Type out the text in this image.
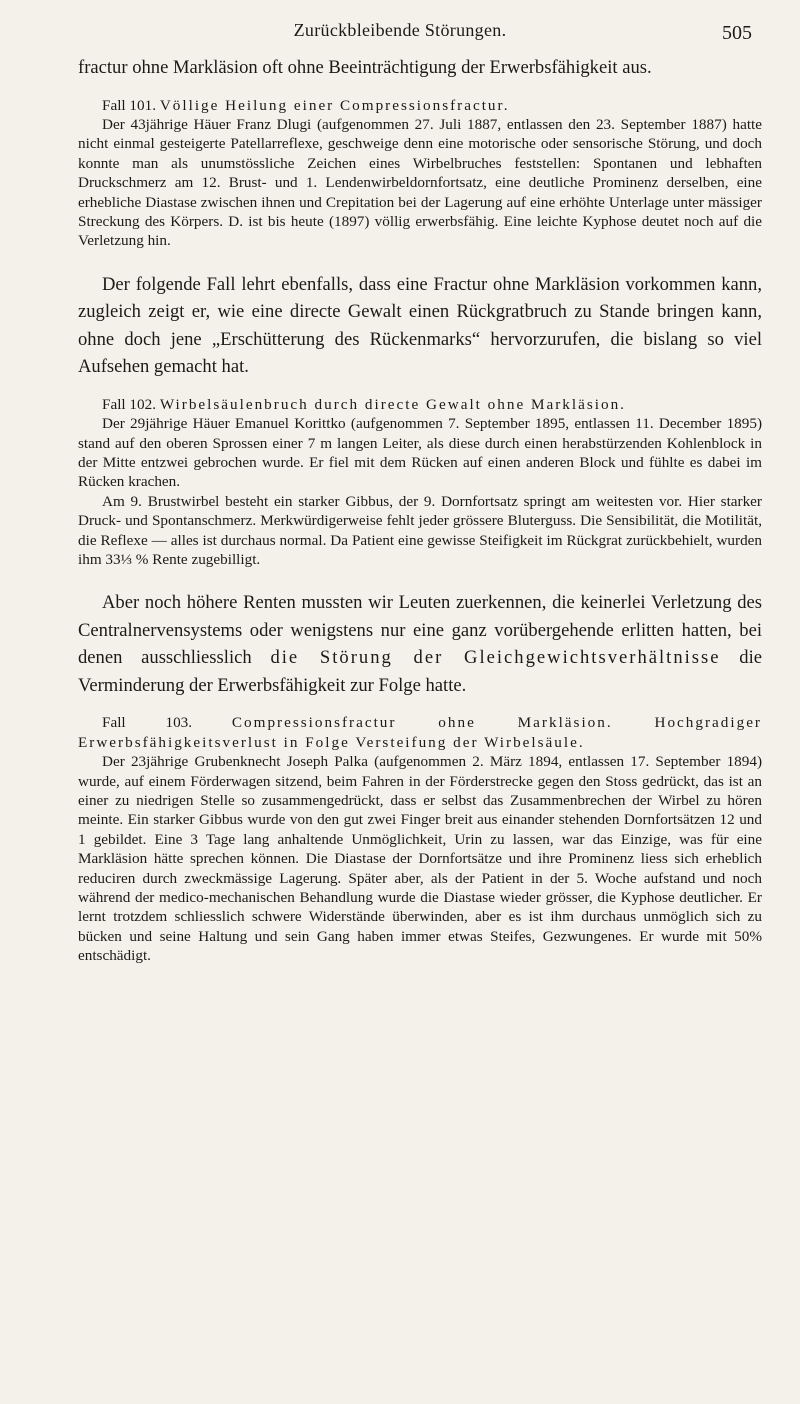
Zurückbleibende Störungen.	505

fractur ohne Markläsion oft ohne Beeinträchtigung der Erwerbsfähigkeit aus.

Fall 101. Völlige Heilung einer Compressionsfractur.

Der 43jährige Häuer Franz Dlugi (aufgenommen 27. Juli 1887, entlassen den 23. September 1887) hatte nicht einmal gesteigerte Patellarreflexe, geschweige denn eine motorische oder sensorische Störung, und doch konnte man als unumstössliche Zeichen eines Wirbelbruches feststellen: Spontanen und lebhaften Druckschmerz am 12. Brust- und 1. Lendenwirbeldornfortsatz, eine deutliche Prominenz derselben, eine erhebliche Diastase zwischen ihnen und Crepitation bei der Lagerung auf eine erhöhte Unterlage unter mässiger Streckung des Körpers. D. ist bis heute (1897) völlig erwerbsfähig. Eine leichte Kyphose deutet noch auf die Verletzung hin.

Der folgende Fall lehrt ebenfalls, dass eine Fractur ohne Markläsion vorkommen kann, zugleich zeigt er, wie eine directe Gewalt einen Rückgratbruch zu Stande bringen kann, ohne doch jene „Erschütterung des Rückenmarks“ hervorzurufen, die bislang so viel Aufsehen gemacht hat.

Fall 102. Wirbelsäulenbruch durch directe Gewalt ohne Markläsion.

Der 29jährige Häuer Emanuel Korittko (aufgenommen 7. September 1895, entlassen 11. December 1895) stand auf den oberen Sprossen einer 7 m langen Leiter, als diese durch einen herabstürzenden Kohlenblock in der Mitte entzwei gebrochen wurde. Er fiel mit dem Rücken auf einen anderen Block und fühlte es dabei im Rücken krachen.

Am 9. Brustwirbel besteht ein starker Gibbus, der 9. Dornfortsatz springt am weitesten vor. Hier starker Druck- und Spontanschmerz. Merkwürdigerweise fehlt jeder grössere Bluterguss. Die Sensibilität, die Motilität, die Reflexe — alles ist durchaus normal. Da Patient eine gewisse Steifigkeit im Rückgrat zurückbehielt, wurden ihm 33⅓ % Rente zugebilligt.

Aber noch höhere Renten mussten wir Leuten zuerkennen, die keinerlei Verletzung des Centralnervensystems oder wenigstens nur eine ganz vorübergehende erlitten hatten, bei denen ausschliesslich die Störung der Gleichgewichtsverhältnisse die Verminderung der Erwerbsfähigkeit zur Folge hatte.

Fall 103.	Compressionsfractur ohne Markläsion. Hochgradiger Erwerbsfähigkeitsverlust in Folge Versteifung der Wirbelsäule.

Der 23jährige Grubenknecht Joseph Palka (aufgenommen 2. März 1894, entlassen 17. September 1894) wurde, auf einem Förderwagen sitzend, beim Fahren in der Förderstrecke gegen den Stoss gedrückt, das ist an einer zu niedrigen Stelle so zusammengedrückt, dass er selbst das Zusammenbrechen der Wirbel zu hören meinte. Ein starker Gibbus wurde von den gut zwei Finger breit aus einander stehenden Dornfortsätzen 12 und 1 gebildet. Eine 3 Tage lang anhaltende Unmöglichkeit, Urin zu lassen, war das Einzige, was für eine Markläsion hätte sprechen können. Die Diastase der Dornfortsätze und ihre Prominenz liess sich erheblich reduciren durch zweckmässige Lagerung. Später aber, als der Patient in der 5. Woche aufstand und noch während der medico-mechanischen Behandlung wurde die Diastase wieder grösser, die Kyphose deutlicher. Er lernt trotzdem schliesslich schwere Widerstände überwinden, aber es ist ihm durchaus unmöglich sich zu bücken und seine Haltung und sein Gang haben immer etwas Steifes, Gezwungenes. Er wurde mit 50% entschädigt.
